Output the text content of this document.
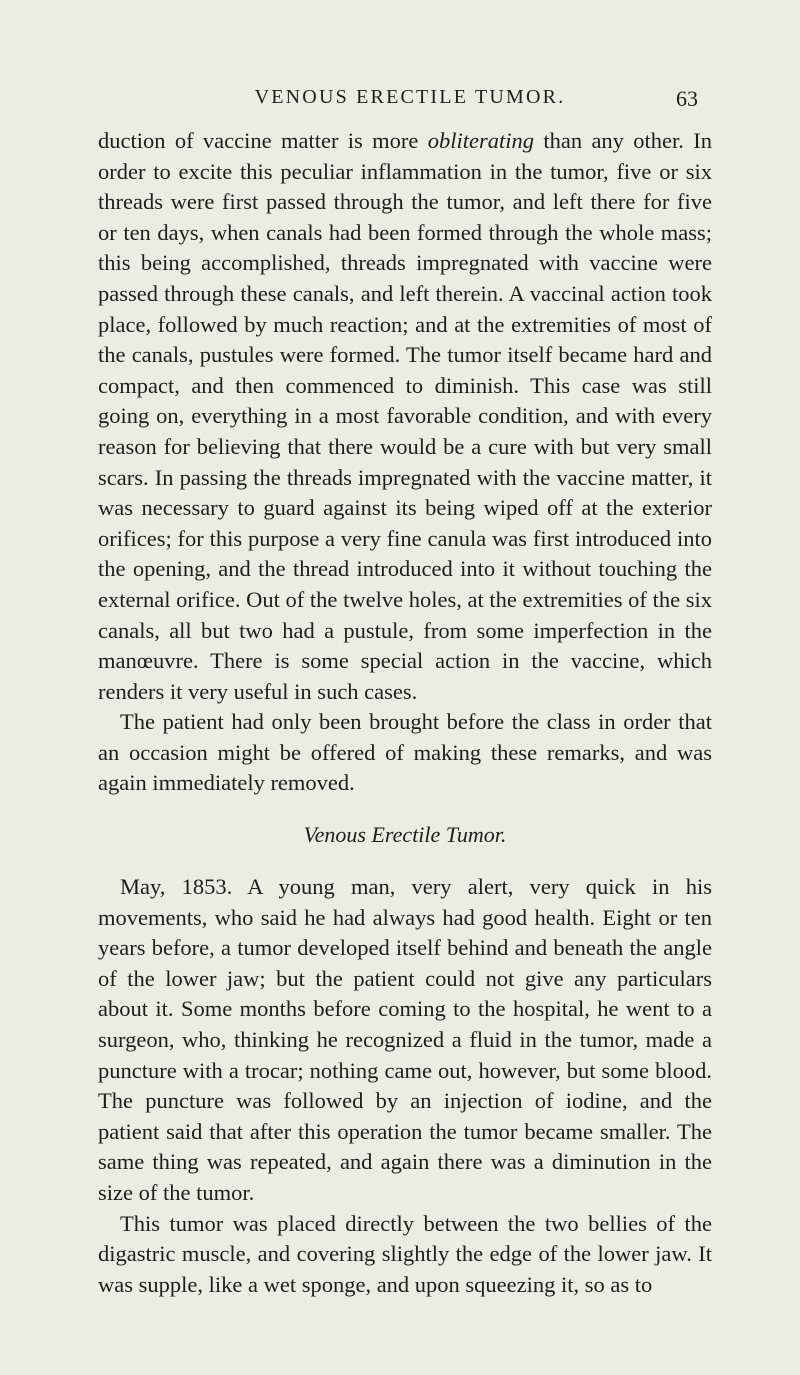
VENOUS ERECTILE TUMOR.	63

duction of vaccine matter is more obliterating than any other. In order to excite this peculiar inflammation in the tumor, five or six threads were first passed through the tumor, and left there for five or ten days, when canals had been formed through the whole mass; this being accomplished, threads impregnated with vaccine were passed through these canals, and left therein. A vaccinal action took place, followed by much reaction; and at the extremities of most of the canals, pustules were formed. The tumor itself became hard and compact, and then commenced to diminish. This case was still going on, everything in a most favorable condition, and with every reason for believing that there would be a cure with but very small scars. In passing the threads impregnated with the vaccine matter, it was necessary to guard against its being wiped off at the exterior orifices; for this purpose a very fine canula was first introduced into the opening, and the thread introduced into it without touching the external orifice. Out of the twelve holes, at the extremities of the six canals, all but two had a pustule, from some imperfection in the manœuvre. There is some special action in the vaccine, which renders it very useful in such cases.

The patient had only been brought before the class in order that an occasion might be offered of making these remarks, and was again immediately removed.

Venous Erectile Tumor.

May, 1853. A young man, very alert, very quick in his movements, who said he had always had good health. Eight or ten years before, a tumor developed itself behind and beneath the angle of the lower jaw; but the patient could not give any particulars about it. Some months before coming to the hospital, he went to a surgeon, who, thinking he recognized a fluid in the tumor, made a puncture with a trocar; nothing came out, however, but some blood. The puncture was followed by an injection of iodine, and the patient said that after this operation the tumor became smaller. The same thing was repeated, and again there was a diminution in the size of the tumor.

This tumor was placed directly between the two bellies of the digastric muscle, and covering slightly the edge of the lower jaw. It was supple, like a wet sponge, and upon squeezing it, so as to
